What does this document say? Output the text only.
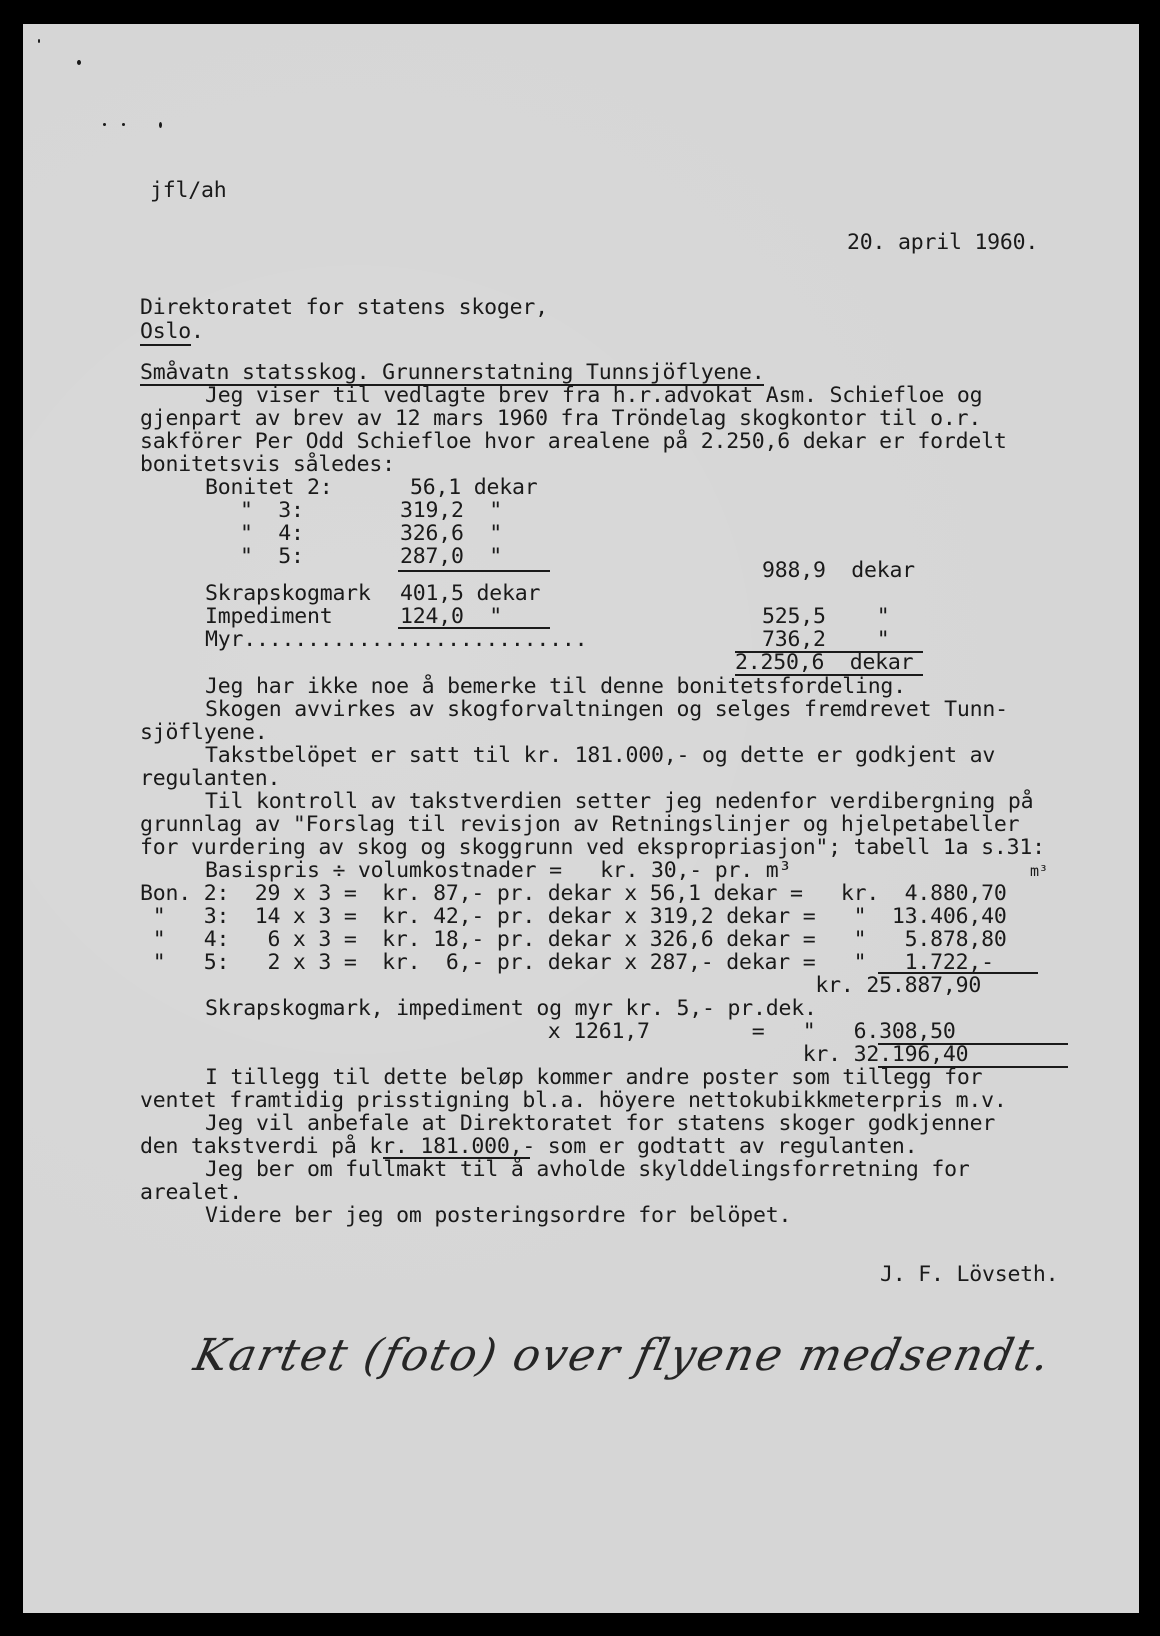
jfl/ah
20. april 1960.
Direktoratet for statens skoger,
Oslo.
Småvatn statsskog. Grunnerstatning Tunnsjöflyene.
Jeg viser til vedlagte brev fra h.r.advokat Asm. Schiefloe og
gjenpart av brev av 12 mars 1960 fra Tröndelag skogkontor til o.r.
sakförer Per Odd Schiefloe hvor arealene på 2.250,6 dekar er fordelt
bonitetsvis således:
Bonitet 2:	56,1 dekar
"  3:	319,2  "
"  4:	326,6  "
"  5:	287,0  "
988,9  dekar
Skrapskogmark 401,5 dekar
Impediment	124,0  "	525,5    "
Myr...........................	736,2    "
2.250,6  dekar
Jeg har ikke noe å bemerke til denne bonitetsfordeling.
Skogen avvirkes av skogforvaltningen og selges fremdrevet Tunn-
sjöflyene.
Takstbelöpet er satt til kr. 181.000,- og dette er godkjent av
regulanten.
Til kontroll av takstverdien setter jeg nedenfor verdibergning på
grunnlag av "Forslag til revisjon av Retningslinjer og hjelpetabeller
for vurdering av skog og skoggrunn ved ekspropriasjon"; tabell 1a s.31:
Basispris ÷ volumkostnader =   kr. 30,- pr. m³	m³
Bon. 2:  29 x 3 =  kr. 87,- pr. dekar x 56,1 dekar =   kr.  4.880,70
"   3:  14 x 3 =  kr. 42,- pr. dekar x 319,2 dekar =   "  13.406,40
"   4:   6 x 3 =  kr. 18,- pr. dekar x 326,6 dekar =   "   5.878,80
"   5:   2 x 3 =  kr.  6,- pr. dekar x 287,- dekar =   "   1.722,-
kr. 25.887,90
Skrapskogmark, impediment og myr kr. 5,- pr.dek.
x 1261,7        =   "   6.308,50
kr. 32.196,40
I tillegg til dette beløp kommer andre poster som tillegg for
ventet framtidig prisstigning bl.a. höyere nettokubikkmeterpris m.v.
Jeg vil anbefale at Direktoratet for statens skoger godkjenner
den takstverdi på kr. 181.000,- som er godtatt av regulanten.
Jeg ber om fullmakt til å avholde skylddelingsforretning for
arealet.
Videre ber jeg om posteringsordre for belöpet.
J. F. Lövseth.
Kartet (foto) over flyene medsendt.
